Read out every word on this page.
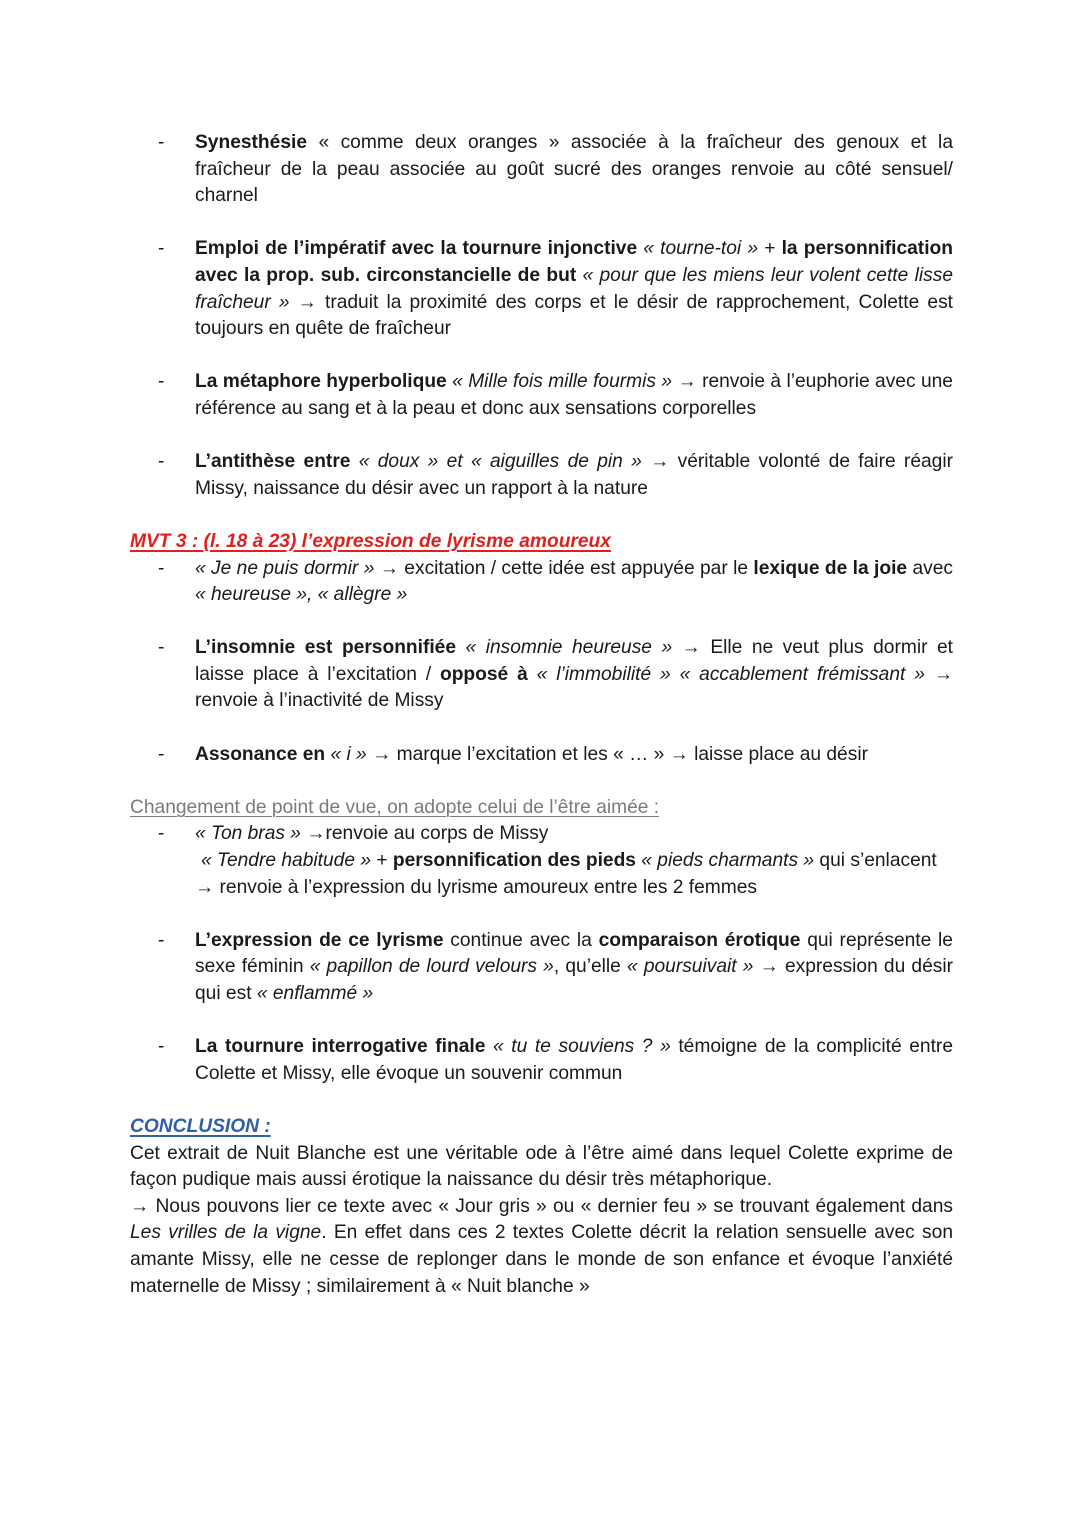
- Synesthésie « comme deux oranges » associée à la fraîcheur des genoux et la fraîcheur de la peau associée au goût sucré des oranges renvoie au côté sensuel/ charnel
- Emploi de l’impératif avec la tournure injonctive « tourne-toi » + la personnification avec la prop. sub. circonstancielle de but « pour que les miens leur volent cette lisse fraîcheur » → traduit la proximité des corps et le désir de rapprochement, Colette est toujours en quête de fraîcheur
- La métaphore hyperbolique « Mille fois mille fourmis » → renvoie à l’euphorie avec une référence au sang et à la peau et donc aux sensations corporelles
- L’antithèse entre « doux » et « aiguilles de pin » → véritable volonté de faire réagir Missy, naissance du désir avec un rapport à la nature
MVT 3 : (l. 18 à 23) l’expression de lyrisme amoureux
- « Je ne puis dormir » → excitation / cette idée est appuyée par le lexique de la joie avec « heureuse », « allègre »
- L’insomnie est personnifiée « insomnie heureuse » → Elle ne veut plus dormir et laisse place à l’excitation / opposé à « l’immobilité » « accablement frémissant » → renvoie à l’inactivité de Missy
- Assonance en « i » → marque l’excitation et les « … » → laisse place au désir
Changement de point de vue, on adopte celui de l’être aimée :
- « Ton bras » →renvoie au corps de Missy
« Tendre habitude » + personnification des pieds « pieds charmants » qui s’enlacent
→ renvoie à l’expression du lyrisme amoureux entre les 2 femmes
- L’expression de ce lyrisme continue avec la comparaison érotique qui représente le sexe féminin « papillon de lourd velours », qu’elle « poursuivait » → expression du désir qui est « enflammé »
- La tournure interrogative finale « tu te souviens ? » témoigne de la complicité entre Colette et Missy, elle évoque un souvenir commun
CONCLUSION :
Cet extrait de Nuit Blanche est une véritable ode à l’être aimé dans lequel Colette exprime de façon pudique mais aussi érotique la naissance du désir très métaphorique.
→ Nous pouvons lier ce texte avec « Jour gris » ou « dernier feu » se trouvant également dans Les vrilles de la vigne. En effet dans ces 2 textes Colette décrit la relation sensuelle avec son amante Missy, elle ne cesse de replonger dans le monde de son enfance et évoque l’anxiété maternelle de Missy ; similairement à « Nuit blanche »
